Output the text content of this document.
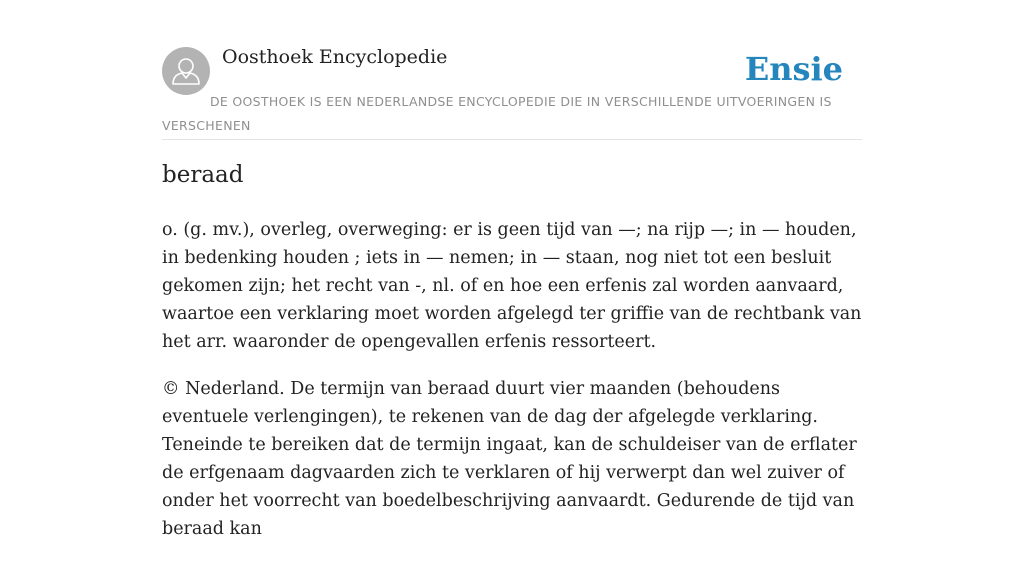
Oosthoek Encyclopedie	Ensie
DE OOSTHOEK IS EEN NEDERLANDSE ENCYCLOPEDIE DIE IN VERSCHILLENDE UITVOERINGEN IS VERSCHENEN
beraad

o. (g. mv.), overleg, overweging: er is geen tijd van —; na rijp —; in — houden, in bedenking houden ; iets in — nemen; in — staan, nog niet tot een besluit gekomen zijn; het recht van -, nl. of en hoe een erfenis zal worden aanvaard, waartoe een verklaring moet worden afgelegd ter griffie van de rechtbank van het arr. waaronder de opengevallen erfenis ressorteert.

© Nederland. De termijn van beraad duurt vier maanden (behoudens eventuele verlengingen), te rekenen van de dag der afgelegde verklaring. Teneinde te bereiken dat de termijn ingaat, kan de schuldeiser van de erflater de erfgenaam dagvaarden zich te verklaren of hij verwerpt dan wel zuiver of onder het voorrecht van boedelbeschrijving aanvaardt. Gedurende de tijd van beraad kan
